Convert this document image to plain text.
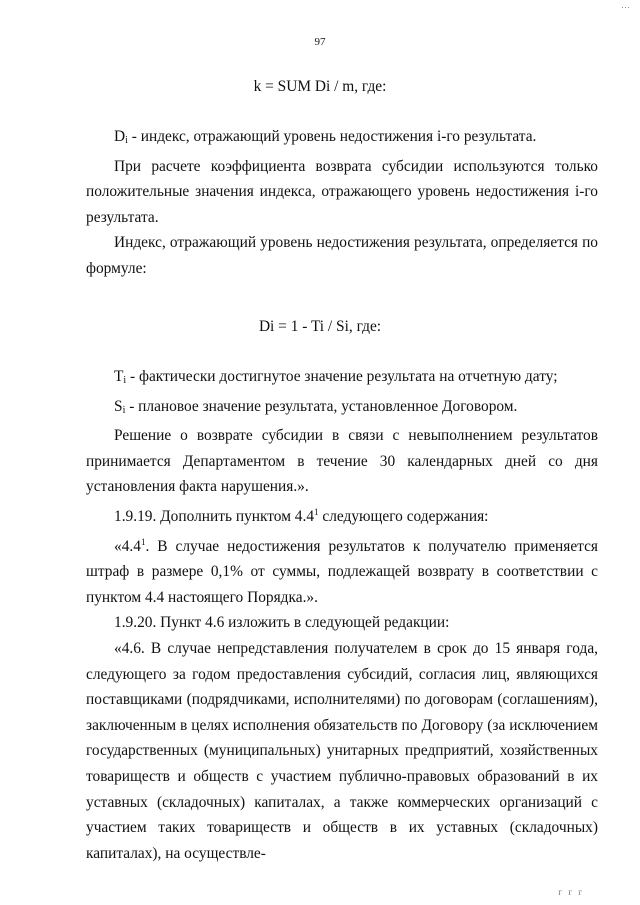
…
97
k = SUM Di / m, где:

$D_i$ - индекс, отражающий уровень недостижения i-го результата.

При расчете коэффициента возврата субсидии используются только положительные значения индекса, отражающего уровень недостижения i-го результата.

Индекс, отражающий уровень недостижения результата, определяется по формуле:

Di = 1 - Ti / Si, где:

$T_i$ - фактически достигнутое значение результата на отчетную дату;

$S_i$ - плановое значение результата, установленное Договором.

Решение о возврате субсидии в связи с невыполнением результатов принимается Департаментом в течение 30 календарных дней со дня установления факта нарушения.».

1.9.19. Дополнить пунктом $4.4^1$ следующего содержания:

«$4.4^1$. В случае недостижения результатов к получателю применяется штраф в размере 0,1% от суммы, подлежащей возврату в соответствии с пунктом 4.4 настоящего Порядка.».

1.9.20. Пункт 4.6 изложить в следующей редакции:

«4.6. В случае непредставления получателем в срок до 15 января года, следующего за годом предоставления субсидий, согласия лиц, являющихся поставщиками (подрядчиками, исполнителями) по договорам (соглашениям), заключенным в целях исполнения обязательств по Договору (за исключением государственных (муниципальных) унитарных предприятий, хозяйственных товариществ и обществ с участием публично-правовых образований в их уставных (складочных) капиталах, а также коммерческих организаций с участием таких товариществ и обществ в их уставных (складочных) капиталах), на осуществле-

г г г
